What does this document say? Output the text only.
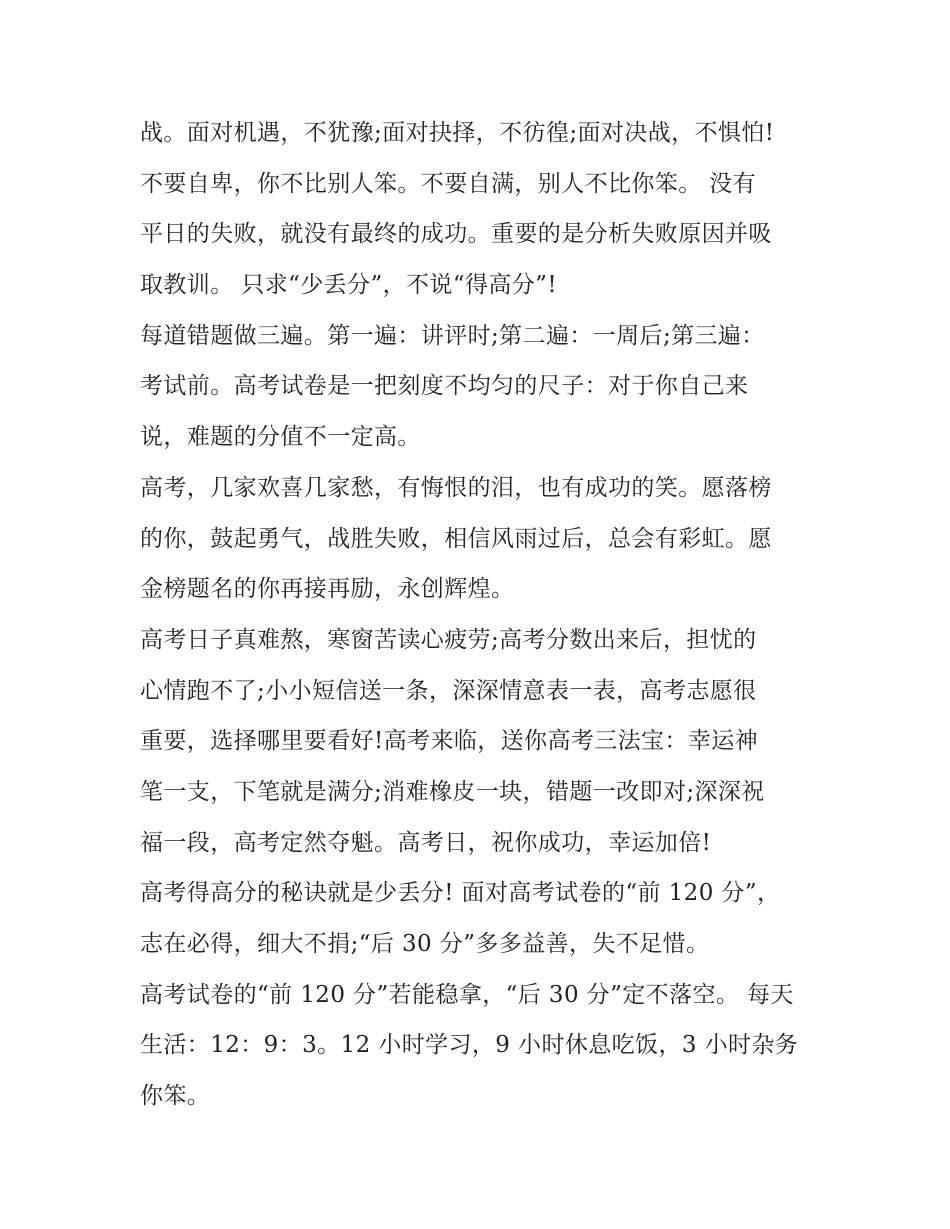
战。面对机遇，不犹豫;面对抉择，不彷徨;面对决战，不惧怕!
不要自卑，你不比别人笨。不要自满，别人不比你笨。 没有
平日的失败，就没有最终的成功。重要的是分析失败原因并吸
取教训。 只求“少丢分”，不说“得高分”!
每道错题做三遍。第一遍：讲评时;第二遍：一周后;第三遍：
考试前。高考试卷是一把刻度不均匀的尺子：对于你自己来
说，难题的分值不一定高。
高考，几家欢喜几家愁，有悔恨的泪，也有成功的笑。愿落榜
的你，鼓起勇气，战胜失败，相信风雨过后，总会有彩虹。愿
金榜题名的你再接再励，永创辉煌。
高考日子真难熬，寒窗苦读心疲劳;高考分数出来后，担忧的
心情跑不了;小小短信送一条，深深情意表一表，高考志愿很
重要，选择哪里要看好!高考来临，送你高考三法宝：幸运神
笔一支，下笔就是满分;消难橡皮一块，错题一改即对;深深祝
福一段，高考定然夺魁。高考日，祝你成功，幸运加倍!
高考得高分的秘诀就是少丢分! 面对高考试卷的“前 120 分”，
志在必得，细大不捐;“后 30 分”多多益善，失不足惜。
高考试卷的“前 120 分”若能稳拿，“后 30 分”定不落空。 每天
生活：12：9：3。12 小时学习，9 小时休息吃饭，3 小时杂务
你笨。
